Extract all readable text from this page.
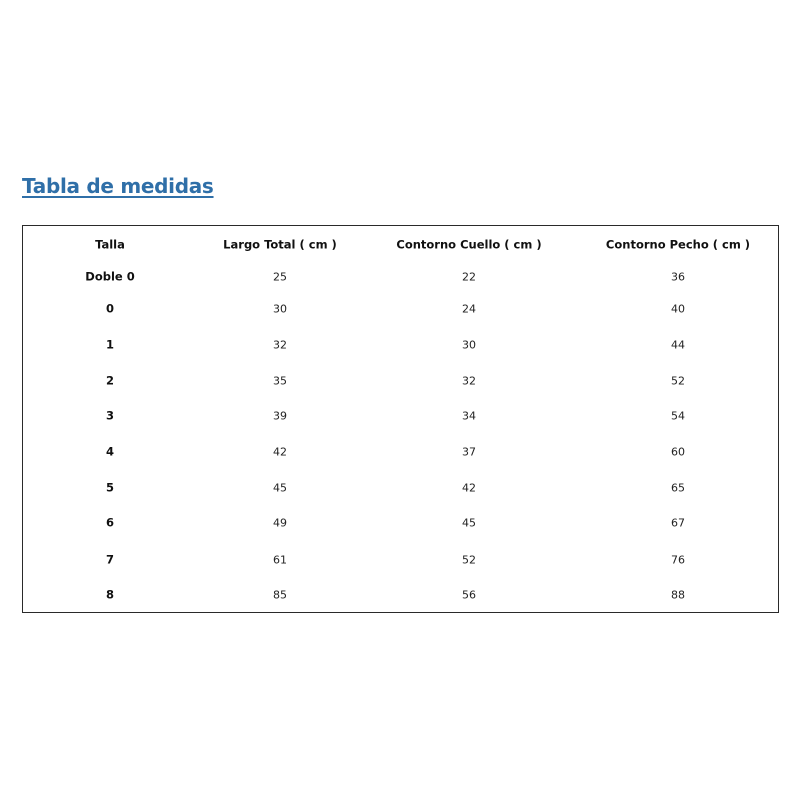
Tabla de medidas
Talla	Largo Total ( cm )	Contorno Cuello ( cm )	Contorno Pecho ( cm )
Doble 0	25	22	36
0	30	24	40
1	32	30	44
2	35	32	52
3	39	34	54
4	42	37	60
5	45	42	65
6	49	45	67
7	61	52	76
8	85	56	88
